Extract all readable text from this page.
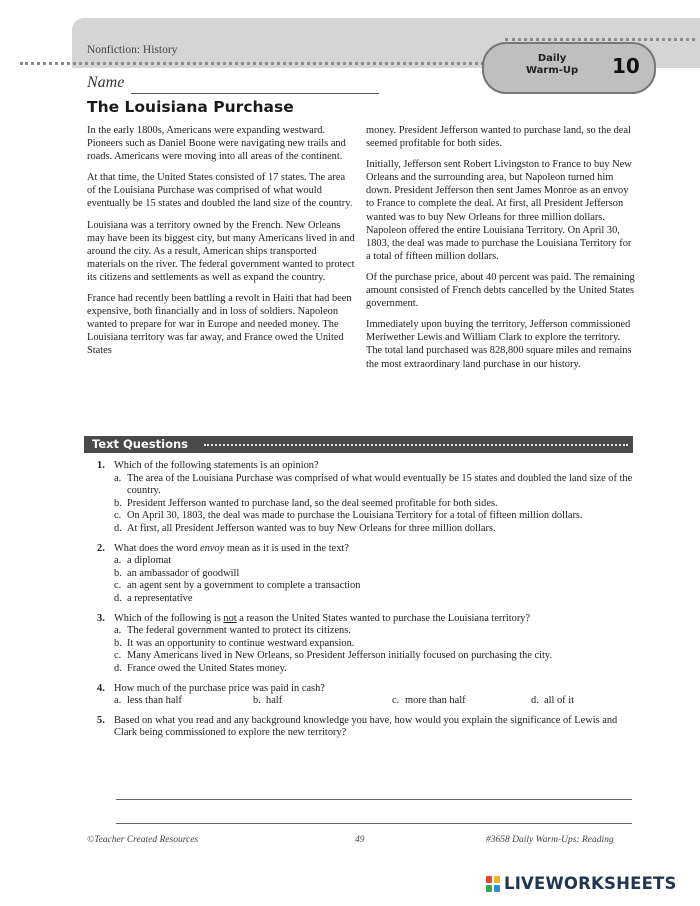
Nonfiction: History
Daily
Warm-Up 10
Name
The Louisiana Purchase

In the early 1800s, Americans were expanding westward. Pioneers such as Daniel Boone were navigating new trails and roads. Americans were moving into all areas of the continent.

At that time, the United States consisted of 17 states. The area of the Louisiana Purchase was comprised of what would eventually be 15 states and doubled the land size of the country.

Louisiana was a territory owned by the French. New Orleans may have been its biggest city, but many Americans lived in and around the city. As a result, American ships transported materials on the river. The federal government wanted to protect its citizens and settlements as well as expand the country.

France had recently been battling a revolt in Haiti that had been expensive, both financially and in loss of soldiers. Napoleon wanted to prepare for war in Europe and needed money. The Louisiana territory was far away, and France owed the United States

money. President Jefferson wanted to purchase land, so the deal seemed profitable for both sides.

Initially, Jefferson sent Robert Livingston to France to buy New Orleans and the surrounding area, but Napoleon turned him down. President Jefferson then sent James Monroe as an envoy to France to complete the deal. At first, all President Jefferson wanted was to buy New Orleans for three million dollars. Napoleon offered the entire Louisiana Territory. On April 30, 1803, the deal was made to purchase the Louisiana Territory for a total of fifteen million dollars.

Of the purchase price, about 40 percent was paid. The remaining amount consisted of French debts cancelled by the United States government.

Immediately upon buying the territory, Jefferson commissioned Meriwether Lewis and William Clark to explore the territory. The total land purchased was 828,800 square miles and remains the most extraordinary land purchase in our history.

Text Questions
1. Which of the following statements is an opinion?
a. The area of the Louisiana Purchase was comprised of what would eventually be 15 states and doubled the land size of the country.
b. President Jefferson wanted to purchase land, so the deal seemed profitable for both sides.
c. On April 30, 1803, the deal was made to purchase the Louisiana Territory for a total of fifteen million dollars.
d. At first, all President Jefferson wanted was to buy New Orleans for three million dollars.
2. What does the word envoy mean as it is used in the text?
a. a diplomat
b. an ambassador of goodwill
c. an agent sent by a government to complete a transaction
d. a representative
3. Which of the following is not a reason the United States wanted to purchase the Louisiana territory?
a. The federal government wanted to protect its citizens.
b. It was an opportunity to continue westward expansion.
c. Many Americans lived in New Orleans, so President Jefferson initially focused on purchasing the city.
d. France owed the United States money.
4. How much of the purchase price was paid in cash?
a. less than half	b. half	c. more than half	d. all of it
5. Based on what you read and any background knowledge you have, how would you explain the significance of Lewis and Clark being commissioned to explore the new territory?
©Teacher Created Resources	49	#3658 Daily Warm-Ups: Reading
LIVEWORKSHEETS
